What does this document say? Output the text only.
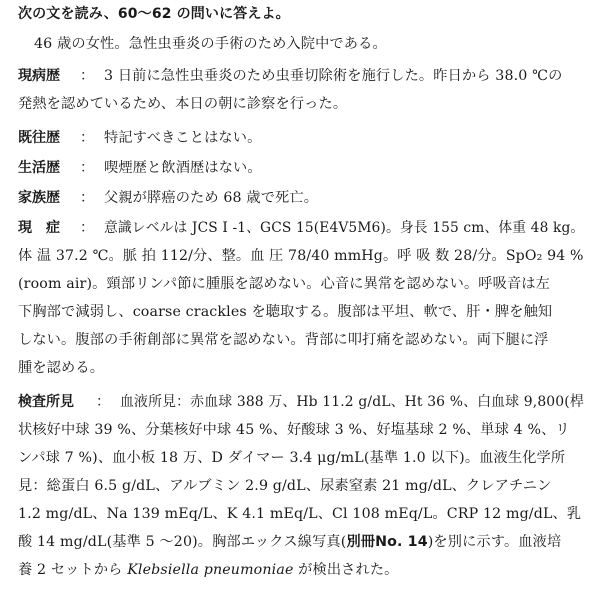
次の文を読み、60〜62 の問いに答えよ。
46 歳の女性。急性虫垂炎の手術のため入院中である。
現病歴 ： 3 日前に急性虫垂炎のため虫垂切除術を施行した。昨日から 38.0 ℃の
発熱を認めているため、本日の朝に診察を行った。
既往歴 ： 特記すべきことはない。
生活歴 ： 喫煙歴と飲酒歴はない。
家族歴 ： 父親が膵癌のため 68 歳で死亡。
現　症 ： 意識レベルは JCS I -1、GCS 15(E4V5M6)。身長 155 cm、体重 48 kg。
体 温 37.2 ℃。脈 拍 112/分、整。血 圧 78/40 mmHg。呼 吸 数 28/分。SpO₂ 94 %
(room air)。頸部リンパ節に腫脹を認めない。心音に異常を認めない。呼吸音は左
下胸部で減弱し、coarse crackles を聴取する。腹部は平坦、軟で、肝・脾を触知
しない。腹部の手術創部に異常を認めない。背部に叩打痛を認めない。両下腿に浮
腫を認める。
検査所見 ： 血液所見：赤血球 388 万、Hb 11.2 g/dL、Ht 36 %、白血球 9,800(桿
状核好中球 39 %、分葉核好中球 45 %、好酸球 3 %、好塩基球 2 %、単球 4 %、リ
ンパ球 7 %)、血小板 18 万、D ダイマー 3.4 μg/mL(基準 1.0 以下)。血液生化学所
見：総蛋白 6.5 g/dL、アルブミン 2.9 g/dL、尿素窒素 21 mg/dL、クレアチニン
1.2 mg/dL、Na 139 mEq/L、K 4.1 mEq/L、Cl 108 mEq/L。CRP 12 mg/dL、乳
酸 14 mg/dL(基準 5 〜20)。胸部エックス線写真(別冊No. 14)を別に示す。血液培
養 2 セットから Klebsiella pneumoniae が検出された。
